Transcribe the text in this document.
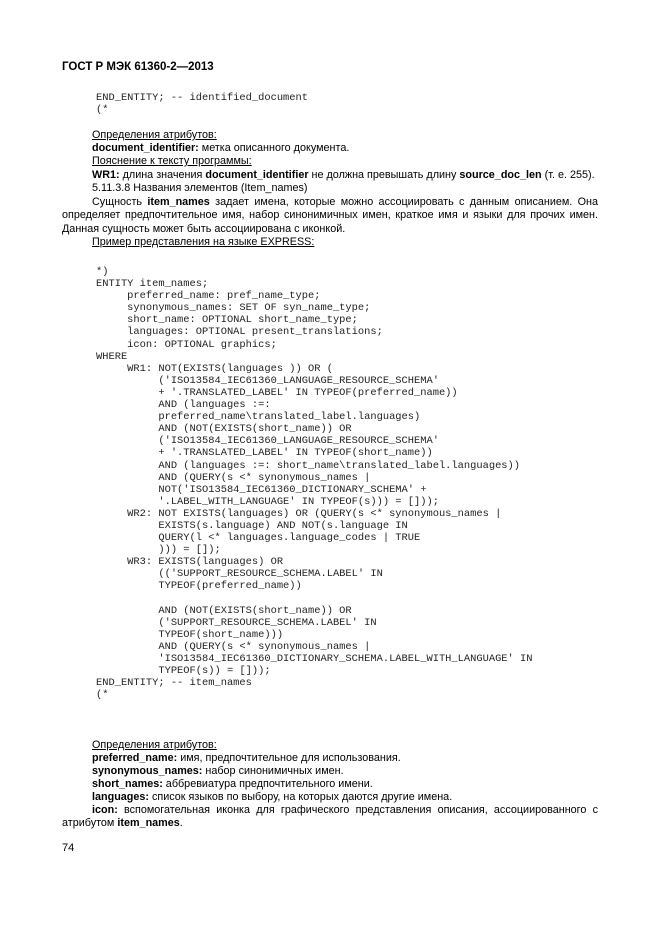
ГОСТ Р МЭК 61360-2—2013
END_ENTITY; -- identified_document
(*
Определения атрибутов:
document_identifier: метка описанного документа.
Пояснение к тексту программы:
WR1: длина значения document_identifier не должна превышать длину source_doc_len (т. е. 255).
5.11.3.8 Названия элементов (Item_names)
Сущность item_names задает имена, которые можно ассоциировать с данным описанием. Она определяет предпочтительное имя, набор синонимичных имен, краткое имя и языки для прочих имен. Данная сущность может быть ассоциирована с иконкой.
Пример представления на языке EXPRESS:
*)
ENTITY item_names;
preferred_name: pref_name_type;
synonymous_names: SET OF syn_name_type;
short_name: OPTIONAL short_name_type;
languages: OPTIONAL present_translations;
icon: OPTIONAL graphics;
WHERE
WR1: NOT(EXISTS(languages )) OR (
('ISO13584_IEC61360_LANGUAGE_RESOURCE_SCHEMA'
+ '.TRANSLATED_LABEL' IN TYPEOF(preferred_name))
AND (languages :=:
preferred_name\translated_label.languages)
AND (NOT(EXISTS(short_name)) OR
('ISO13584_IEC61360_LANGUAGE_RESOURCE_SCHEMA'
+ '.TRANSLATED_LABEL' IN TYPEOF(short_name))
AND (languages :=: short_name\translated_label.languages))
AND (QUERY(s <* synonymous_names |
NOT('ISO13584_IEC61360_DICTIONARY_SCHEMA' +
'.LABEL_WITH_LANGUAGE' IN TYPEOF(s))) = []));
WR2: NOT EXISTS(languages) OR (QUERY(s <* synonymous_names |
EXISTS(s.language) AND NOT(s.language IN
QUERY(l <* languages.language_codes | TRUE
))) = []);
WR3: EXISTS(languages) OR
(('SUPPORT_RESOURCE_SCHEMA.LABEL' IN
TYPEOF(preferred_name))

AND (NOT(EXISTS(short_name)) OR
('SUPPORT_RESOURCE_SCHEMA.LABEL' IN
TYPEOF(short_name)))
AND (QUERY(s <* synonymous_names |
'ISO13584_IEC61360_DICTIONARY_SCHEMA.LABEL_WITH_LANGUAGE' IN
TYPEOF(s)) = []));
END_ENTITY; -- item_names
(*
Определения атрибутов:
preferred_name: имя, предпочтительное для использования.
synonymous_names: набор синонимичных имен.
short_names: аббревиатура предпочтительного имени.
languages: список языков по выбору, на которых даются другие имена.
icon: вспомогательная иконка для графического представления описания, ассоциированного с атрибутом item_names.
74
